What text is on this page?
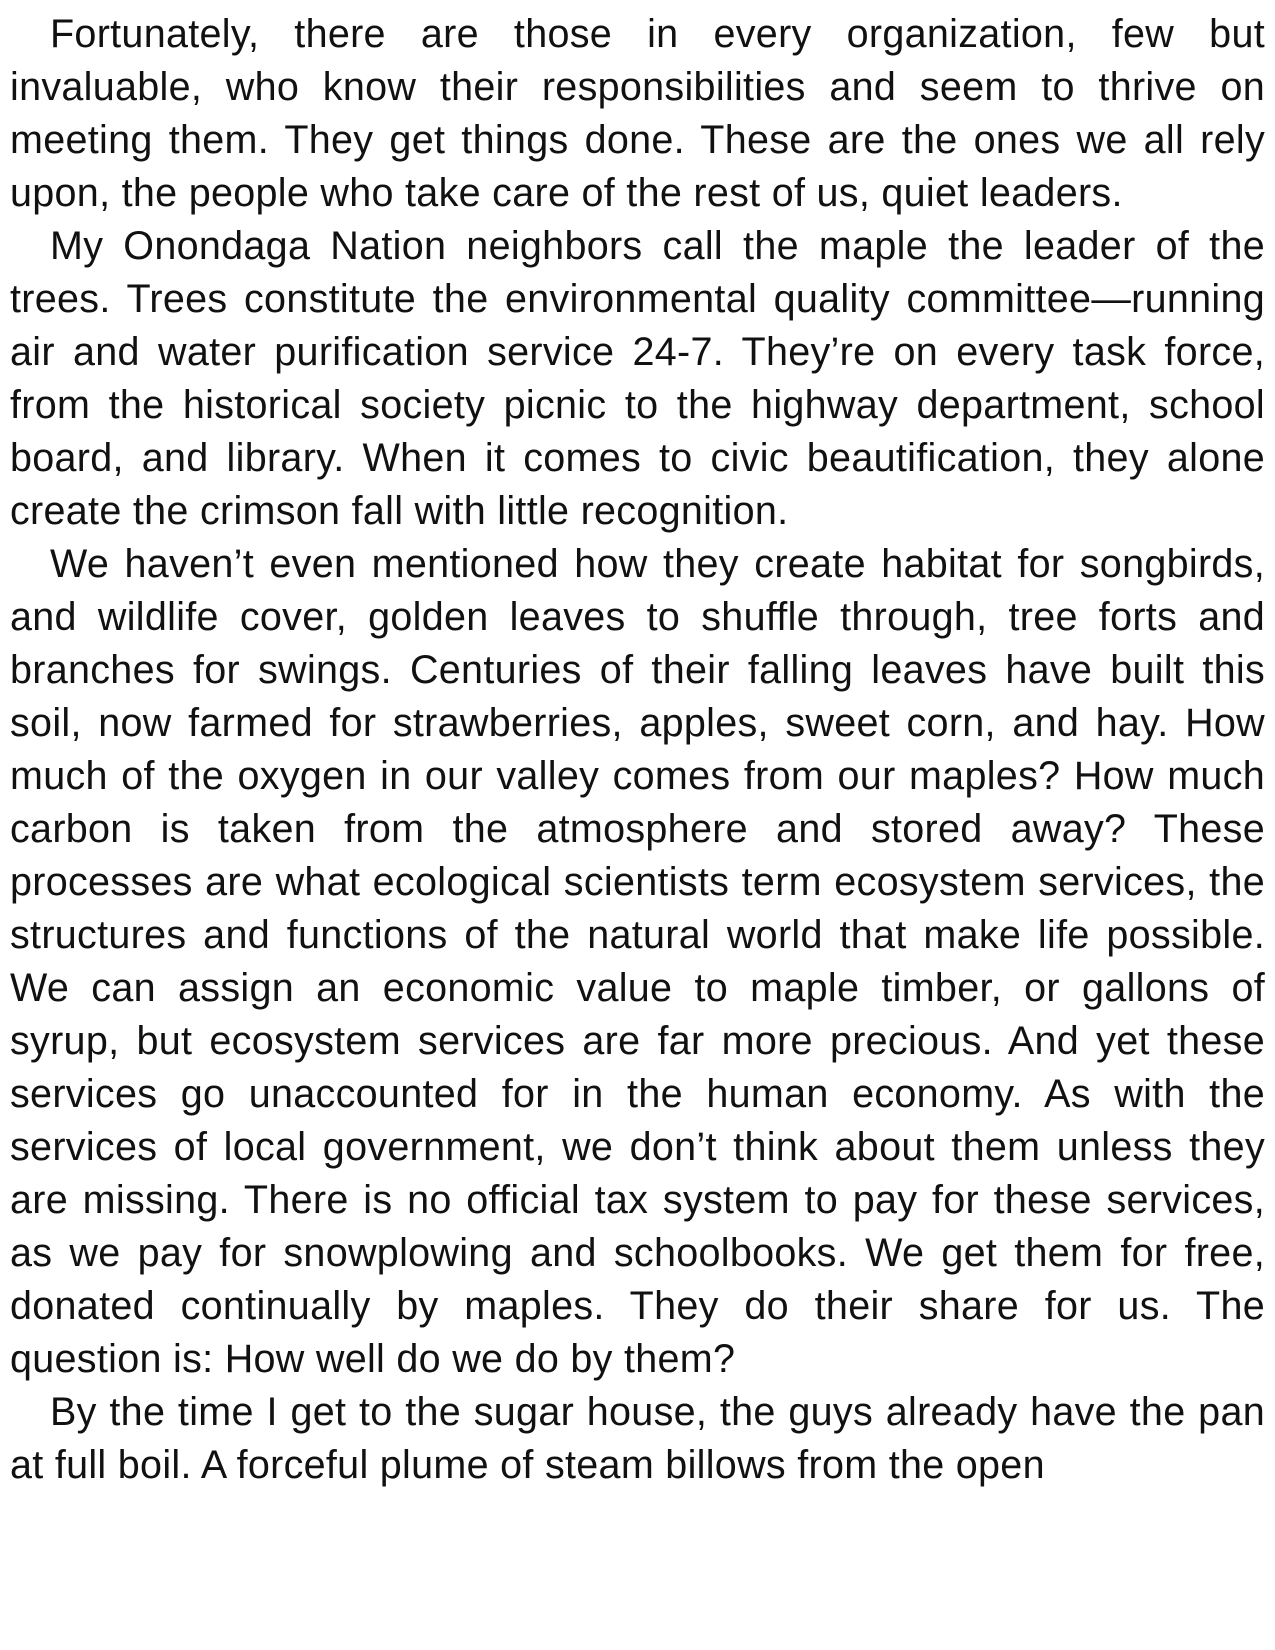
Fortunately, there are those in every organization, few but invaluable, who know their responsibilities and seem to thrive on meeting them. They get things done. These are the ones we all rely upon, the people who take care of the rest of us, quiet leaders.

My Onondaga Nation neighbors call the maple the leader of the trees. Trees constitute the environmental quality committee—running air and water purification service 24-7. They’re on every task force, from the historical society picnic to the highway department, school board, and library. When it comes to civic beautification, they alone create the crimson fall with little recognition.

We haven’t even mentioned how they create habitat for songbirds, and wildlife cover, golden leaves to shuffle through, tree forts and branches for swings. Centuries of their falling leaves have built this soil, now farmed for strawberries, apples, sweet corn, and hay. How much of the oxygen in our valley comes from our maples? How much carbon is taken from the atmosphere and stored away? These processes are what ecological scientists term ecosystem services, the structures and functions of the natural world that make life possible. We can assign an economic value to maple timber, or gallons of syrup, but ecosystem services are far more precious. And yet these services go unaccounted for in the human economy. As with the services of local government, we don’t think about them unless they are missing. There is no official tax system to pay for these services, as we pay for snowplowing and schoolbooks. We get them for free, donated continually by maples. They do their share for us. The question is: How well do we do by them?

By the time I get to the sugar house, the guys already have the pan at full boil. A forceful plume of steam billows from the open
